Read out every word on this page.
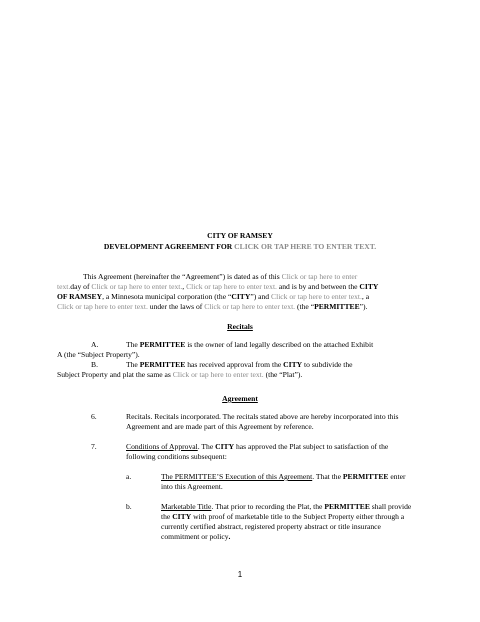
CITY OF RAMSEY
DEVELOPMENT AGREEMENT FOR CLICK OR TAP HERE TO ENTER TEXT.
This Agreement (hereinafter the “Agreement”) is dated as of this Click or tap here to enter
text.day of Click or tap here to enter text., Click or tap here to enter text. and is by and between the CITY
OF RAMSEY, a Minnesota municipal corporation (the “CITY”) and Click or tap here to enter text., a
Click or tap here to enter text. under the laws of Click or tap here to enter text. (the “PERMITTEE”).
Recitals
A.	The PERMITTEE is the owner of land legally described on the attached Exhibit
A (the “Subject Property”).
B.	The PERMITTEE has received approval from the CITY to subdivide the
Subject Property and plat the same as Click or tap here to enter text. (the “Plat”).
Agreement
6.	Recitals. Recitals incorporated. The recitals stated above are hereby incorporated into this
Agreement and are made part of this Agreement by reference.
7.	Conditions of Approval. The CITY has approved the Plat subject to satisfaction of the
following conditions subsequent:
a.	The PERMITTEE’S Execution of this Agreement. That the PERMITTEE enter
into this Agreement.
b.	Marketable Title. That prior to recording the Plat, the PERMITTEE shall provide
the CITY with proof of marketable title to the Subject Property either through a
currently certified abstract, registered property abstract or title insurance
commitment or policy.
1
